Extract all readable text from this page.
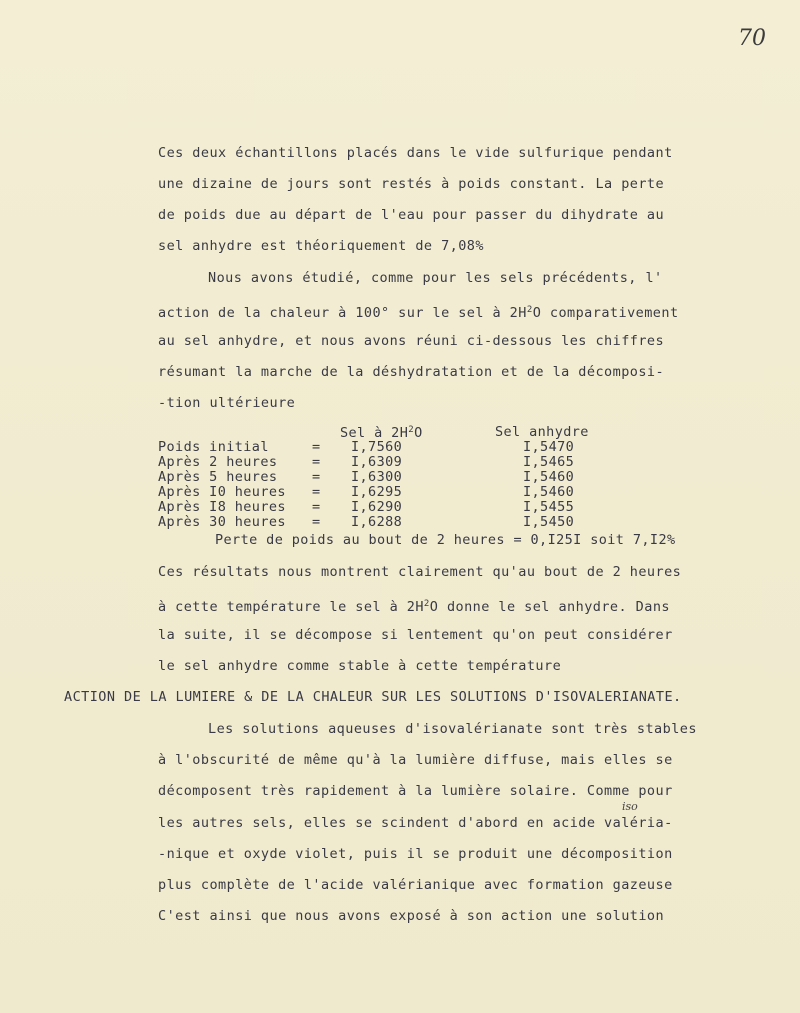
70
Ces deux échantillons placés dans le vide sulfurique pendant
une dizaine de jours sont restés à poids constant. La perte
de poids due au départ de l'eau pour passer du dihydrate au
sel anhydre est théoriquement de 7,08%
Nous avons étudié, comme pour les sels précédents, l'
action de la chaleur à 100° sur le sel à $2H^2O$ comparativement
au sel anhydre, et nous avons réuni ci-dessous les chiffres
résumant la marche de la déshydratation et de la décomposi-
-tion ultérieure
Sel à $2H^2O$	Sel anhydre
Poids initial	= I,7560	I,5470
Après 2 heures	= I,6309	I,5465
Après 5 heures	= I,6300	I,5460
Après I0 heures = I,6295	I,5460
Après I8 heures = I,6290	I,5455
Après 30 heures = I,6288	I,5450
Perte de poids au bout de 2 heures = 0,I25I soit 7,I2%
Ces résultats nous montrent clairement qu'au bout de 2 heures
à cette température le sel à $2H^2O$ donne le sel anhydre. Dans
la suite, il se décompose si lentement qu'on peut considérer
le sel anhydre comme stable à cette température
ACTION DE LA LUMIERE & DE LA CHALEUR SUR LES SOLUTIONS D'ISOVALERIANATE.
Les solutions aqueuses d'isovalérianate sont très stables
à l'obscurité de même qu'à la lumière diffuse, mais elles se
décomposent très rapidement à la lumière solaire. Comme pour
iso
les autres sels, elles se scindent d'abord en acide valéria-
-nique et oxyde violet, puis il se produit une décomposition
plus complète de l'acide valérianique avec formation gazeuse
C'est ainsi que nous avons exposé à son action une solution
